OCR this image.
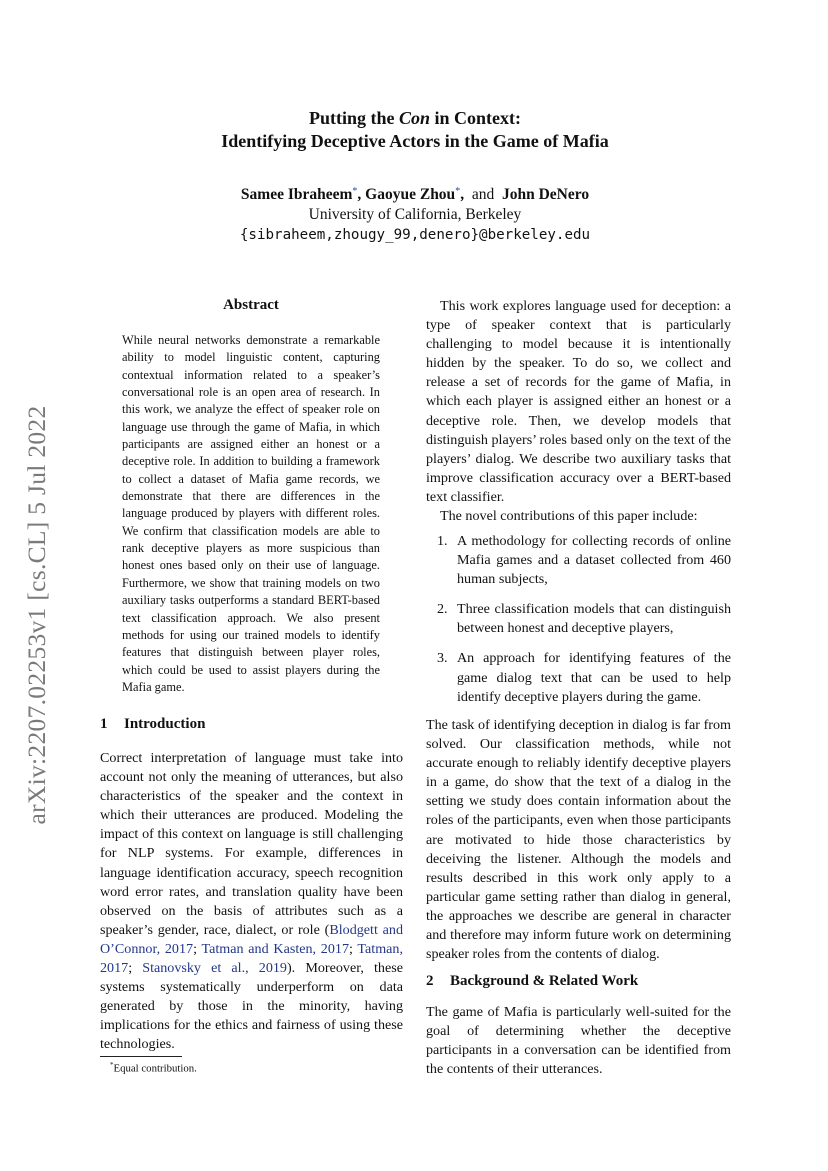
arXiv:2207.02253v1 [cs.CL] 5 Jul 2022
Putting the Con in Context:
Identifying Deceptive Actors in the Game of Mafia
Samee Ibraheem*, Gaoyue Zhou*, and John DeNero
University of California, Berkeley
{sibraheem,zhougy_99,denero}@berkeley.edu
Abstract

While neural networks demonstrate a remarkable ability to model linguistic content, capturing contextual information related to a speaker’s conversational role is an open area of research. In this work, we analyze the effect of speaker role on language use through the game of Mafia, in which participants are assigned either an honest or a deceptive role. In addition to building a framework to collect a dataset of Mafia game records, we demonstrate that there are differences in the language produced by players with different roles. We confirm that classification models are able to rank deceptive players as more suspicious than honest ones based only on their use of language. Furthermore, we show that training models on two auxiliary tasks outperforms a standard BERT-based text classification approach. We also present methods for using our trained models to identify features that distinguish between player roles, which could be used to assist players during the Mafia game.

1 Introduction

Correct interpretation of language must take into account not only the meaning of utterances, but also characteristics of the speaker and the context in which their utterances are produced. Modeling the impact of this context on language is still challenging for NLP systems. For example, differences in language identification accuracy, speech recognition word error rates, and translation quality have been observed on the basis of attributes such as a speaker’s gender, race, dialect, or role (Blodgett and O’Connor, 2017; Tatman and Kasten, 2017; Tatman, 2017; Stanovsky et al., 2019). Moreover, these systems systematically underperform on data generated by those in the minority, having implications for the ethics and fairness of using these technologies.

This work explores language used for deception: a type of speaker context that is particularly challenging to model because it is intentionally hidden by the speaker. To do so, we collect and release a set of records for the game of Mafia, in which each player is assigned either an honest or a deceptive role. Then, we develop models that distinguish players’ roles based only on the text of the players’ dialog. We describe two auxiliary tasks that improve classification accuracy over a BERT-based text classifier.

The novel contributions of this paper include:

1. A methodology for collecting records of online Mafia games and a dataset collected from 460 human subjects,
2. Three classification models that can distinguish between honest and deceptive players,
3. An approach for identifying features of the game dialog text that can be used to help identify deceptive players during the game.

The task of identifying deception in dialog is far from solved. Our classification methods, while not accurate enough to reliably identify deceptive players in a game, do show that the text of a dialog in the setting we study does contain information about the roles of the participants, even when those participants are motivated to hide those characteristics by deceiving the listener. Although the models and results described in this work only apply to a particular game setting rather than dialog in general, the approaches we describe are general in character and therefore may inform future work on determining speaker roles from the contents of dialog.

2 Background & Related Work

The game of Mafia is particularly well-suited for the goal of determining whether the deceptive participants in a conversation can be identified from the contents of their utterances.

*Equal contribution.
